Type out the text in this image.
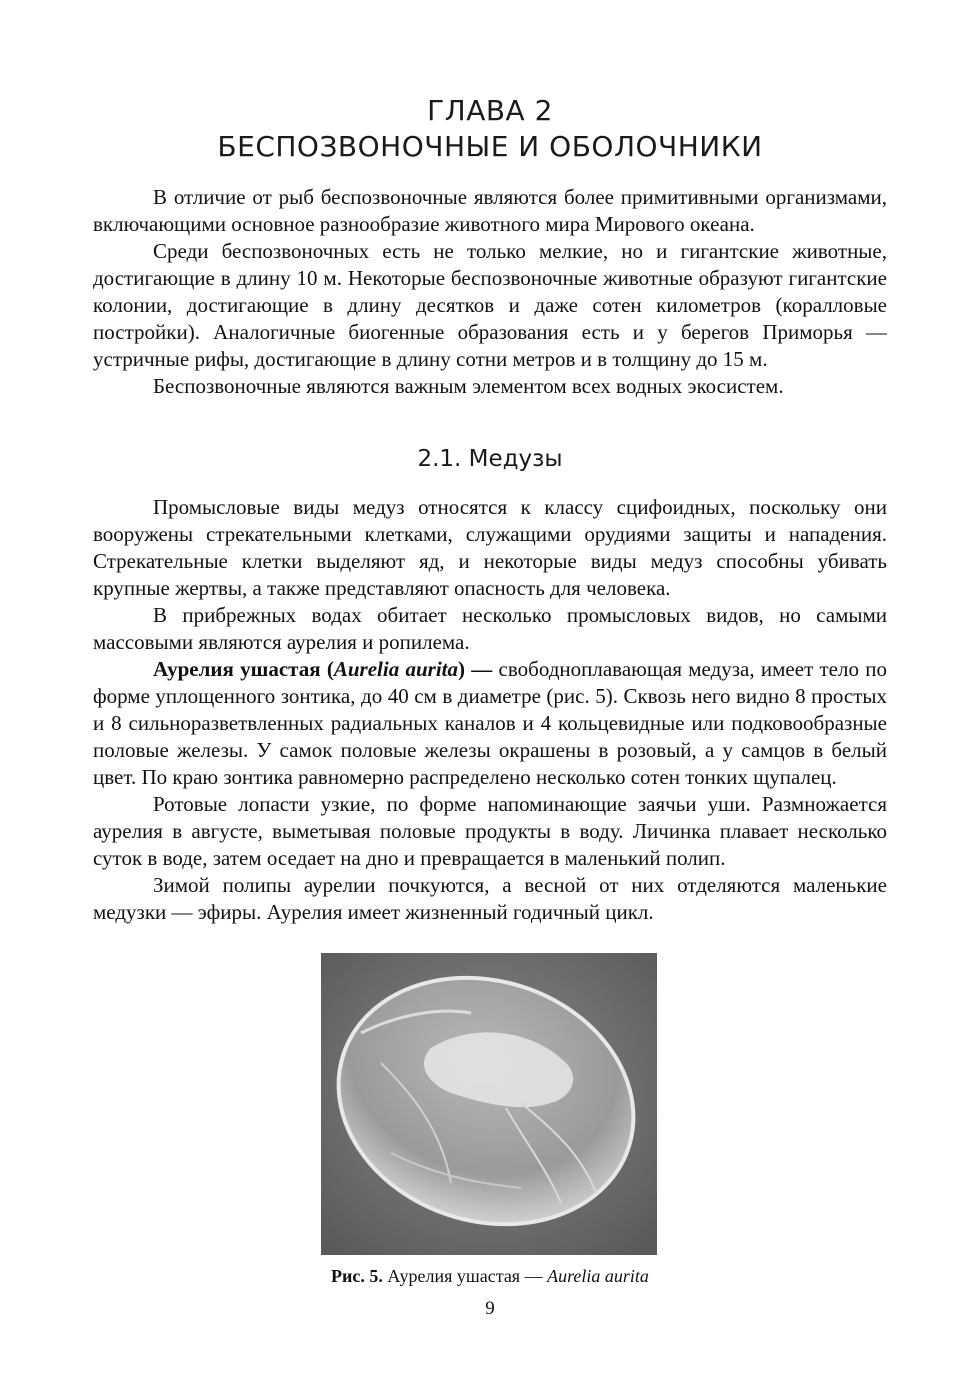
ГЛАВА 2
БЕСПОЗВОНОЧНЫЕ И ОБОЛОЧНИКИ

В отличие от рыб беспозвоночные являются более примитивными организмами, включающими основное разнообразие животного мира Мирового океана.

Среди беспозвоночных есть не только мелкие, но и гигантские животные, достигающие в длину 10 м. Некоторые беспозвоночные животные образуют гигантские колонии, достигающие в длину десятков и даже сотен километров (коралловые постройки). Аналогичные биогенные образования есть и у берегов Приморья — устричные рифы, достигающие в длину сотни метров и в толщину до 15 м.

Беспозвоночные являются важным элементом всех водных экосистем.

2.1. Медузы

Промысловые виды медуз относятся к классу сцифоидных, поскольку они вооружены стрекательными клетками, служащими орудиями защиты и нападения. Стрекательные клетки выделяют яд, и некоторые виды медуз способны убивать крупные жертвы, а также представляют опасность для человека.

В прибрежных водах обитает несколько промысловых видов, но самыми массовыми являются аурелия и ропилема.

Аурелия ушастая (Aurelia aurita) — свободноплавающая медуза, имеет тело по форме уплощенного зонтика, до 40 см в диаметре (рис. 5). Сквозь него видно 8 простых и 8 сильноразветвленных радиальных каналов и 4 кольцевидные или подковообразные половые железы. У самок половые железы окрашены в розовый, а у самцов в белый цвет. По краю зонтика равномерно распределено несколько сотен тонких щупалец.

Ротовые лопасти узкие, по форме напоминающие заячьи уши. Размножается аурелия в августе, выметывая половые продукты в воду. Личинка плавает несколько суток в воде, затем оседает на дно и превращается в маленький полип.

Зимой полипы аурелии почкуются, а весной от них отделяются маленькие медузки — эфиры. Аурелия имеет жизненный годичный цикл.

Рис. 5. Аурелия ушастая — Aurelia aurita
9
